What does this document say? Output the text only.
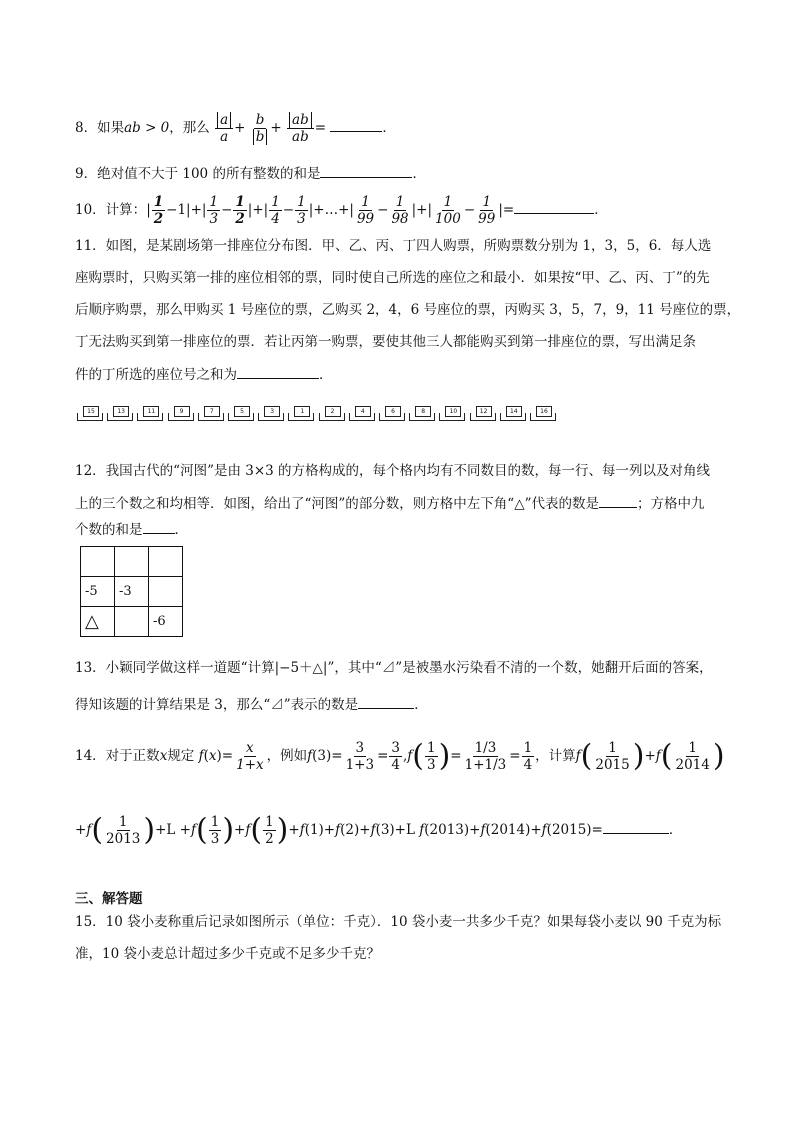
8．如果ab > 0，那么 $\frac{a}{a} + \frac{b}{b} + \frac{ab}{ab}$ =	．
9．绝对值不大于 100 的所有整数的和是	．
10．计算：| $\frac{1}{2} -1|+| \frac{1}{3} - \frac{1}{2}$ |+| $\frac{1}{4} - \frac{1}{3}$ |+…+| $\frac{1}{99} - \frac{1}{98}$ |+| $\frac{1}{100} - \frac{1}{99}$ |=	．
11．如图，是某剧场第一排座位分布图．甲、乙、丙、丁四人购票，所购票数分别为 1，3，5，6．每人选
座购票时，只购买第一排的座位相邻的票，同时使自己所选的座位之和最小．如果按“甲、乙、丙、丁”的先
后顺序购票，那么甲购买 1 号座位的票，乙购买 2，4，6 号座位的票，丙购买 3，5，7，9，11 号座位的票，
丁无法购买到第一排座位的票．若让丙第一购票，要使其他三人都能购买到第一排座位的票，写出满足条
件的丁所选的座位号之和为	．
15	13	11	9	7	5	3	1	2	4	6	8	10	12	14	16
12．我国古代的“河图”是由 3×3 的方格构成的，每个格内均有不同数目的数，每一行、每一列以及对角线
上的三个数之和均相等．如图，给出了“河图”的部分数，则方格中左下角“△”代表的数是	；方格中九
个数的和是 ．

-5	-3	
△		-6
13．小颖同学做这样一道题“计算|−5＋△|”，其中“⊿”是被墨水污染看不清的一个数，她翻开后面的答案，
得知该题的计算结果是 3，那么“⊿”表示的数是	．
14．对于正数x规定 $f(x)= \frac{x}{1+x}$ ，例如$f(3)= \frac{3}{1+3} = \frac{3}{4} ,f( \frac{1}{3}$ )= $\frac{1/3}{1+1/3} = \frac{1}{4}$ ，计算$f( \frac{1}{2015} )+f( \frac{1}{2014}$ )
$+f( \frac{1}{2013} )+L +f( \frac{1}{3} )+f( \frac{1}{2} )+f(1)+f(2)+f(3)+L$ f(2013)+f(2014)+f(2015)=	．
三、解答题
15．10 袋小麦称重后记录如图所示（单位：千克）．10 袋小麦一共多少千克？如果每袋小麦以 90 千克为标
准，10 袋小麦总计超过多少千克或不足多少千克？
